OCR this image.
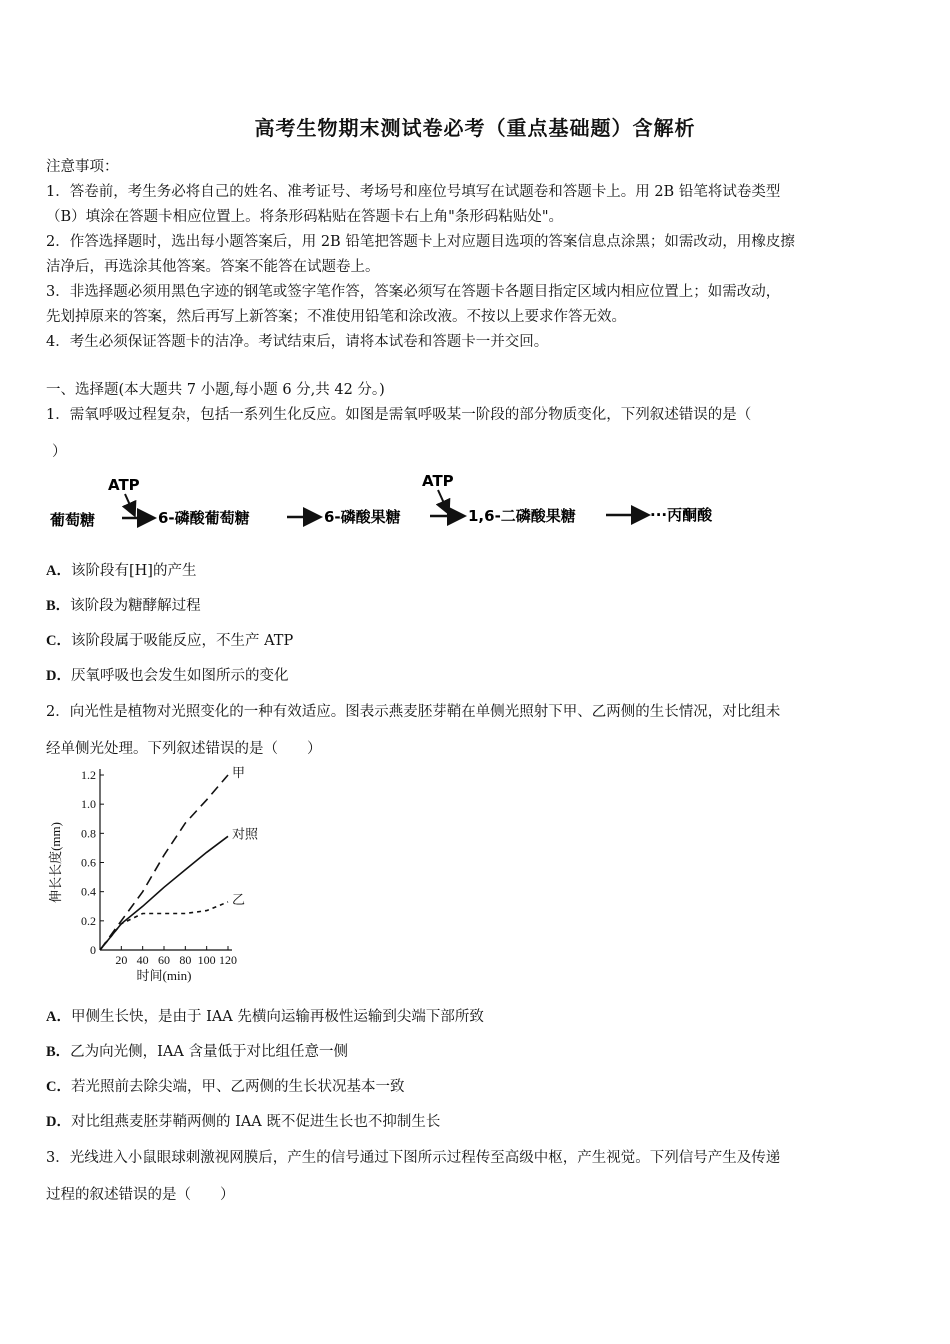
高考生物期末测试卷必考（重点基础题）含解析
注意事项：
1．答卷前，考生务必将自己的姓名、准考证号、考场号和座位号填写在试题卷和答题卡上。用 2B 铅笔将试卷类型
（B）填涂在答题卡相应位置上。将条形码粘贴在答题卡右上角"条形码粘贴处"。
2．作答选择题时，选出每小题答案后，用 2B 铅笔把答题卡上对应题目选项的答案信息点涂黑；如需改动，用橡皮擦
洁净后，再选涂其他答案。答案不能答在试题卷上。
3．非选择题必须用黑色字迹的钢笔或签字笔作答，答案必须写在答题卡各题目指定区域内相应位置上；如需改动，
先划掉原来的答案，然后再写上新答案；不准使用铅笔和涂改液。不按以上要求作答无效。
4．考生必须保证答题卡的洁净。考试结束后，请将本试卷和答题卡一并交回。
一、选择题(本大题共 7 小题,每小题 6 分,共 42 分。)
1．需氧呼吸过程复杂，包括一系列生化反应。如图是需氧呼吸某一阶段的部分物质变化，下列叙述错误的是（
）
ATP	ATP
葡萄糖	6-磷酸葡萄糖	6-磷酸果糖	1,6-二磷酸果糖	···丙酮酸
A．该阶段有[H]的产生
B．该阶段为糖酵解过程
C．该阶段属于吸能反应，不生产 ATP
D．厌氧呼吸也会发生如图所示的变化
2．向光性是植物对光照变化的一种有效适应。图表示燕麦胚芽鞘在单侧光照射下甲、乙两侧的生长情况，对比组未
经单侧光处理。下列叙述错误的是（　　）
0
0.2
0.4
0.6
0.8
1.0
1.2
20 40 60 80 100 120
时间(min)
伸长长度(mm)
甲
对照
乙
A．甲侧生长快，是由于 IAA 先横向运输再极性运输到尖端下部所致
B．乙为向光侧，IAA 含量低于对比组任意一侧
C．若光照前去除尖端，甲、乙两侧的生长状况基本一致
D．对比组燕麦胚芽鞘两侧的 IAA 既不促进生长也不抑制生长
3．光线进入小鼠眼球刺激视网膜后，产生的信号通过下图所示过程传至高级中枢，产生视觉。下列信号产生及传递
过程的叙述错误的是（　　）
